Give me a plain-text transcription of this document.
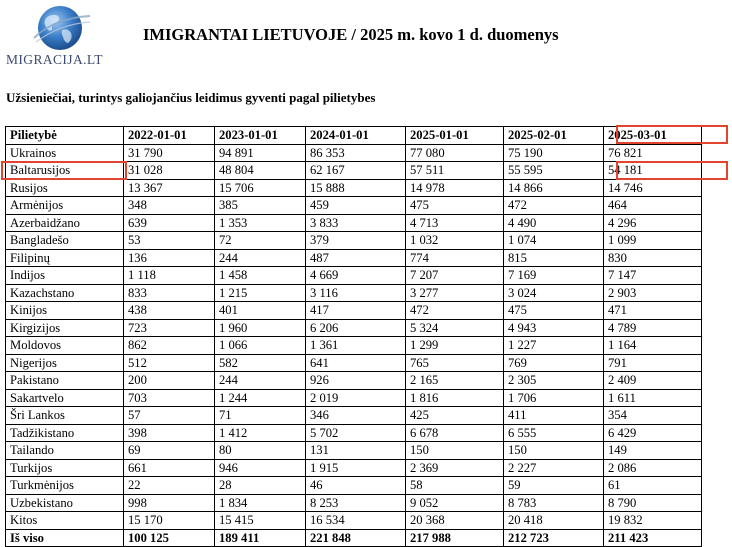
MIGRACIJA.LT
IMIGRANTAI LIETUVOJE / 2025 m. kovo 1 d. duomenys
Užsieniečiai, turintys galiojančius leidimus gyventi pagal pilietybes
Pilietybė	2022-01-01	2023-01-01	2024-01-01	2025-01-01	2025-02-01	2025-03-01
Ukrainos	31 790	94 891	86 353	77 080	75 190	76 821
Baltarusijos	31 028	48 804	62 167	57 511	55 595	54 181
Rusijos	13 367	15 706	15 888	14 978	14 866	14 746
Armėnijos	348	385	459	475	472	464
Azerbaidžano	639	1 353	3 833	4 713	4 490	4 296
Bangladešo	53	72	379	1 032	1 074	1 099
Filipinų	136	244	487	774	815	830
Indijos	1 118	1 458	4 669	7 207	7 169	7 147
Kazachstano	833	1 215	3 116	3 277	3 024	2 903
Kinijos	438	401	417	472	475	471
Kirgizijos	723	1 960	6 206	5 324	4 943	4 789
Moldovos	862	1 066	1 361	1 299	1 227	1 164
Nigerijos	512	582	641	765	769	791
Pakistano	200	244	926	2 165	2 305	2 409
Sakartvelo	703	1 244	2 019	1 816	1 706	1 611
Šri Lankos	57	71	346	425	411	354
Tadžikistano	398	1 412	5 702	6 678	6 555	6 429
Tailando	69	80	131	150	150	149
Turkijos	661	946	1 915	2 369	2 227	2 086
Turkmėnijos	22	28	46	58	59	61
Uzbekistano	998	1 834	8 253	9 052	8 783	8 790
Kitos	15 170	15 415	16 534	20 368	20 418	19 832
Iš viso	100 125	189 411	221 848	217 988	212 723	211 423
